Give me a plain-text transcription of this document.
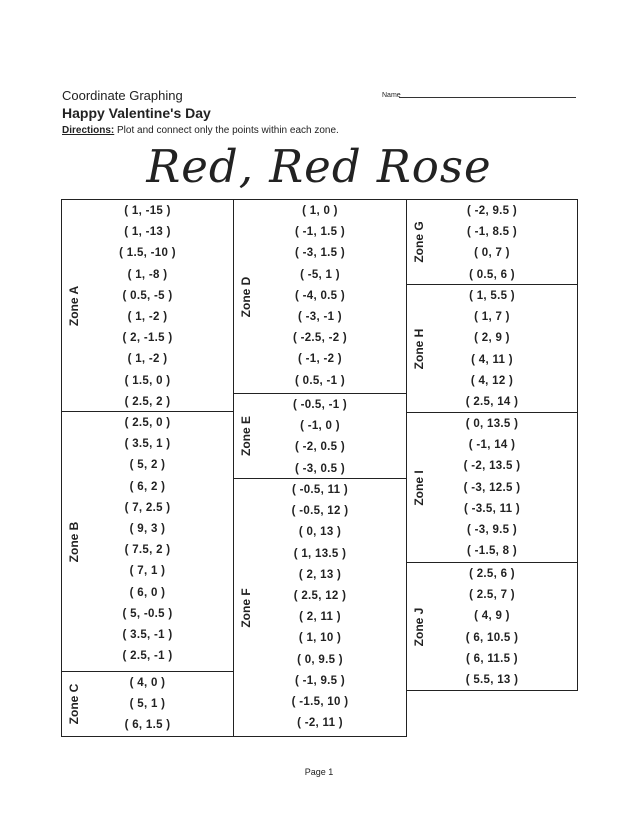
Coordinate Graphing	Name
Happy Valentine's Day
Directions: Plot and connect only the points within each zone.
Red, Red Rose
Zone A
( 1, -15 )
( 1, -13 )
( 1.5, -10 )
( 1, -8 )
( 0.5, -5 )
( 1, -2 )
( 2, -1.5 )
( 1, -2 )
( 1.5, 0 )
( 2.5, 2 )
Zone B
( 2.5, 0 )
( 3.5, 1 )
( 5, 2 )
( 6, 2 )
( 7, 2.5 )
( 9, 3 )
( 7.5, 2 )
( 7, 1 )
( 6, 0 )
( 5, -0.5 )
( 3.5, -1 )
( 2.5, -1 )
Zone C
( 4, 0 )
( 5, 1 )
( 6, 1.5 )
Zone D
( 1, 0 )
( -1, 1.5 )
( -3, 1.5 )
( -5, 1 )
( -4, 0.5 )
( -3, -1 )
( -2.5, -2 )
( -1, -2 )
( 0.5, -1 )
Zone E
( -0.5, -1 )
( -1, 0 )
( -2, 0.5 )
( -3, 0.5 )
Zone F
( -0.5, 11 )
( -0.5, 12 )
( 0, 13 )
( 1, 13.5 )
( 2, 13 )
( 2.5, 12 )
( 2, 11 )
( 1, 10 )
( 0, 9.5 )
( -1, 9.5 )
( -1.5, 10 )
( -2, 11 )
Zone G
( -2, 9.5 )
( -1, 8.5 )
( 0, 7 )
( 0.5, 6 )
Zone H
( 1, 5.5 )
( 1, 7 )
( 2, 9 )
( 4, 11 )
( 4, 12 )
( 2.5, 14 )
Zone I
( 0, 13.5 )
( -1, 14 )
( -2, 13.5 )
( -3, 12.5 )
( -3.5, 11 )
( -3, 9.5 )
( -1.5, 8 )
Zone J
( 2.5, 6 )
( 2.5, 7 )
( 4, 9 )
( 6, 10.5 )
( 6, 11.5 )
( 5.5, 13 )
Page 1
